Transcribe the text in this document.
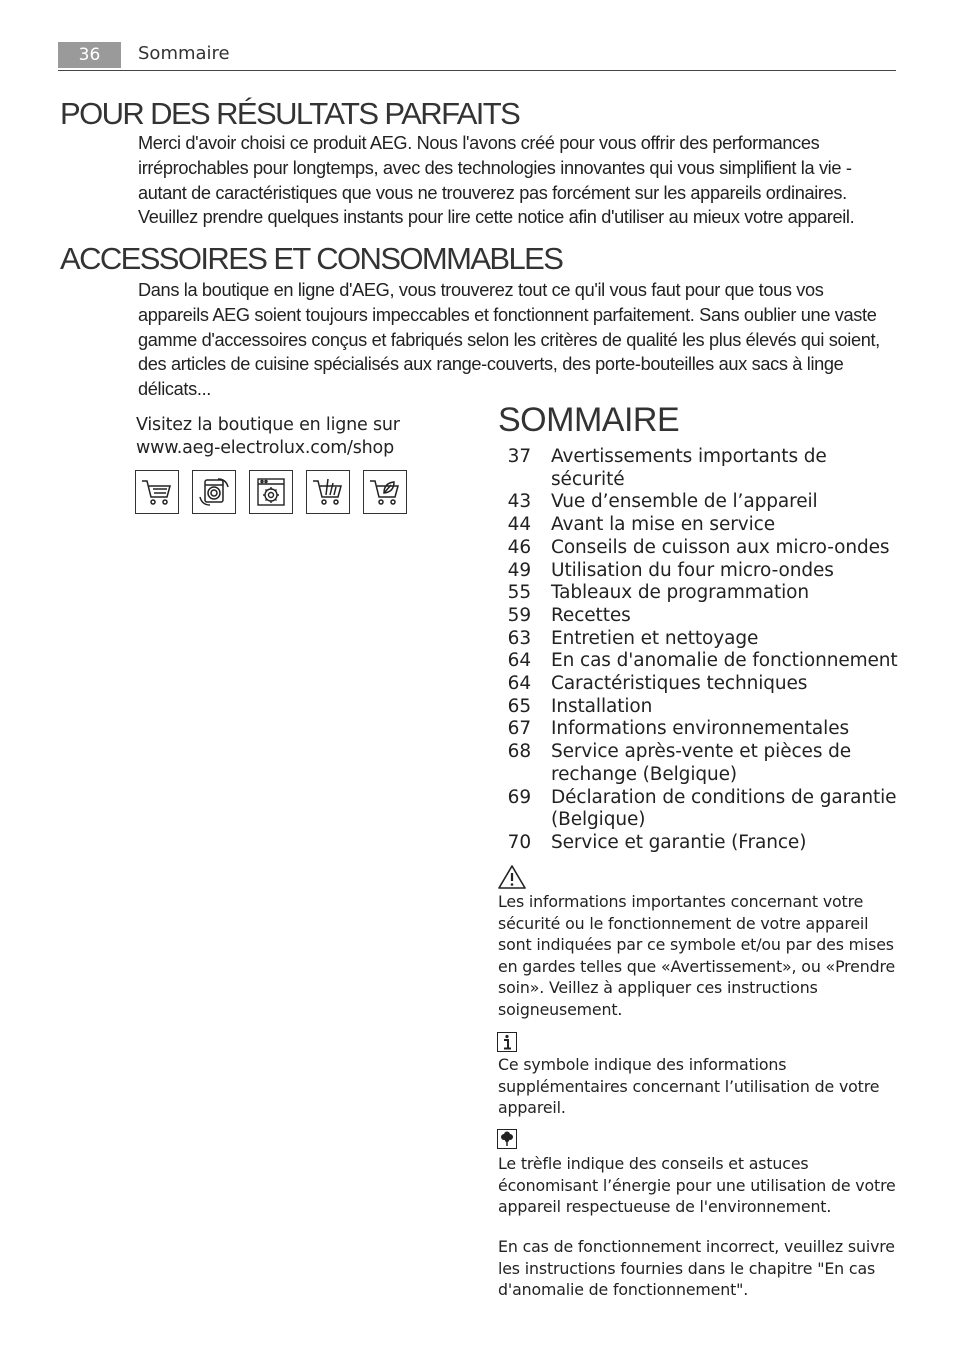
36	Sommaire
POUR DES RÉSULTATS PARFAITS

Merci d'avoir choisi ce produit AEG. Nous l'avons créé pour vous offrir des performances irréprochables pour longtemps, avec des technologies innovantes qui vous simplifient la vie - autant de caractéristiques que vous ne trouverez pas forcément sur les appareils ordinaires. Veuillez prendre quelques instants pour lire cette notice afin d'utiliser au mieux votre appareil.

ACCESSOIRES ET CONSOMMABLES

Dans la boutique en ligne d'AEG, vous trouverez tout ce qu'il vous faut pour que tous vos appareils AEG soient toujours impeccables et fonctionnent parfaitement. Sans oublier une vaste gamme d'accessoires conçus et fabriqués selon les critères de qualité les plus élevés qui soient, des articles de cuisine spécialisés aux range-couverts, des porte-bouteilles aux sacs à linge délicats...

Visitez la boutique en ligne sur
www.aeg-electrolux.com/shop
SOMMAIRE
37	Avertissements importants de sécurité
43	Vue d’ensemble de l’appareil
44	Avant la mise en service
46	Conseils de cuisson aux micro-ondes
49	Utilisation du four micro-ondes
55	Tableaux de programmation
59	Recettes
63	Entretien et nettoyage
64	En cas d'anomalie de fonctionnement
64	Caractéristiques techniques
65	Installation
67	Informations environnementales
68	Service après-vente et pièces de rechange (Belgique)
69	Déclaration de conditions de garantie (Belgique)
70	Service et garantie (France)
Les informations importantes concernant votre sécurité ou le fonctionnement de votre appareil sont indiquées par ce symbole et/ou par des mises en gardes telles que «Avertissement», ou «Prendre soin». Veillez à appliquer ces instructions soigneusement.
Ce symbole indique des informations supplémentaires concernant l’utilisation de votre appareil.
Le trèfle indique des conseils et astuces économisant l’énergie pour une utilisation de votre appareil respectueuse de l'environnement.
En cas de fonctionnement incorrect, veuillez suivre les instructions fournies dans le chapitre "En cas d'anomalie de fonctionnement".
